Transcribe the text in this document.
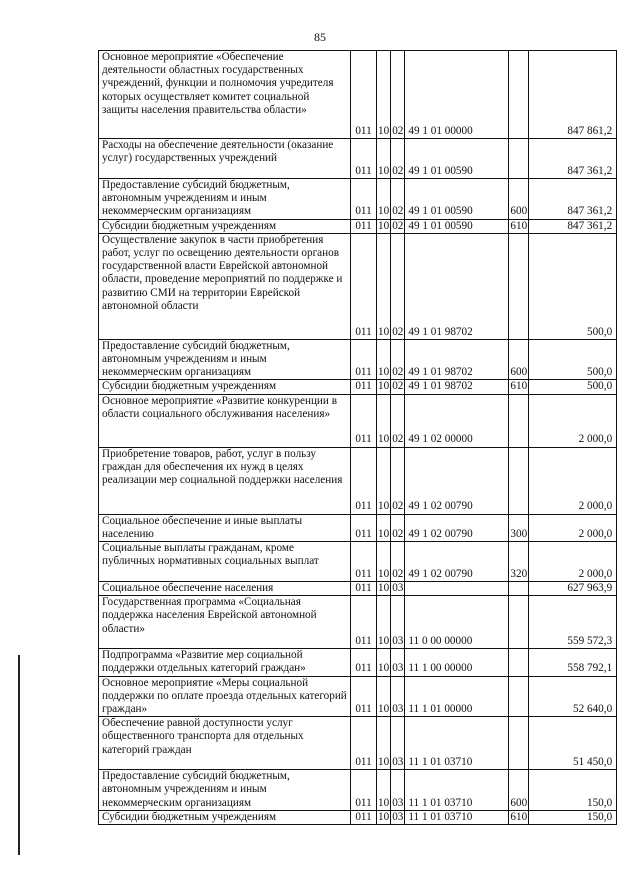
85
Основное мероприятие «Обеспечение деятельности областных государственных учреждений, функции и полномочия учредителя которых осуществляет комитет социальной защиты населения правительства области»	011	10	02	49 1 01 00000		847 861,2
Расходы на обеспечение деятельности (оказание услуг) государственных учреждений	011	10	02	49 1 01 00590		847 361,2
Предоставление субсидий бюджетным, автономным учреждениям и иным некоммерческим организациям	011	10	02	49 1 01 00590	600	847 361,2
Субсидии бюджетным учреждениям	011	10	02	49 1 01 00590	610	847 361,2
Осуществление закупок в части приобретения работ, услуг по освещению деятельности органов государственной власти Еврейской автономной области, проведение мероприятий по поддержке и развитию СМИ на территории Еврейской автономной области	011	10	02	49 1 01 98702		500,0
Предоставление субсидий бюджетным, автономным учреждениям и иным некоммерческим организациям	011	10	02	49 1 01 98702	600	500,0
Субсидии бюджетным учреждениям	011	10	02	49 1 01 98702	610	500,0
Основное мероприятие «Развитие конкуренции в области социального обслуживания населения»	011	10	02	49 1 02 00000		2 000,0
Приобретение товаров, работ, услуг в пользу граждан для обеспечения их нужд в целях реализации мер социальной поддержки населения	011	10	02	49 1 02 00790		2 000,0
Социальное обеспечение и иные выплаты населению	011	10	02	49 1 02 00790	300	2 000,0
Социальные выплаты гражданам, кроме публичных нормативных социальных выплат	011	10	02	49 1 02 00790	320	2 000,0
Социальное обеспечение населения	011	10	03			627 963,9
Государственная программа «Социальная поддержка населения Еврейской автономной области»	011	10	03	11 0 00 00000		559 572,3
Подпрограмма «Развитие мер социальной поддержки отдельных категорий граждан»	011	10	03	11 1 00 00000		558 792,1
Основное мероприятие «Меры социальной поддержки по оплате проезда отдельных категорий граждан»	011	10	03	11 1 01 00000		52 640,0
Обеспечение равной доступности услуг общественного транспорта для отдельных категорий граждан	011	10	03	11 1 01 03710		51 450,0
Предоставление субсидий бюджетным, автономным учреждениям и иным некоммерческим организациям	011	10	03	11 1 01 03710	600	150,0
Субсидии бюджетным учреждениям	011	10	03	11 1 01 03710	610	150,0
